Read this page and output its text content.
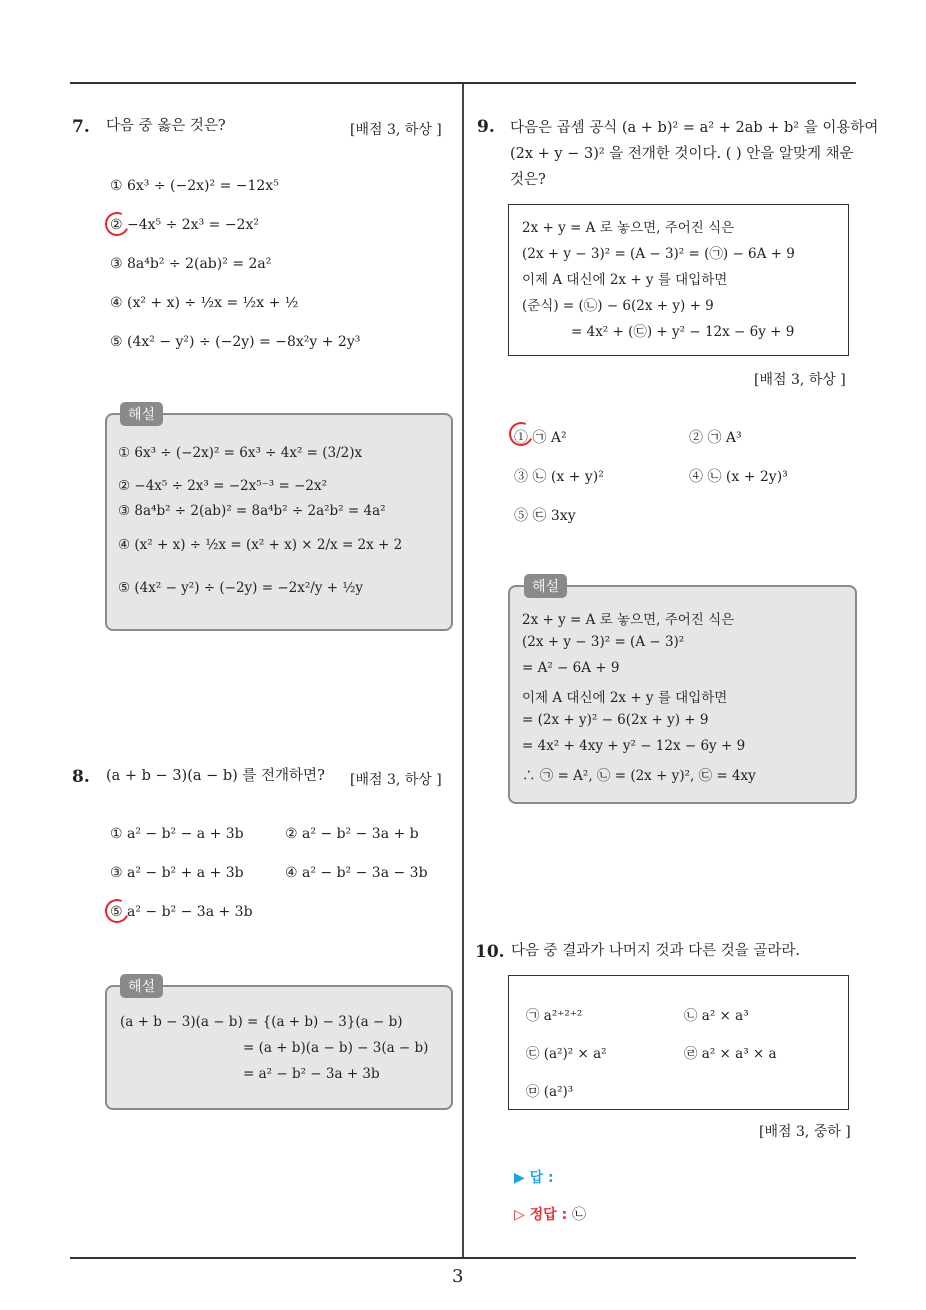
7. 다음 중 옳은 것은?	[배점 3, 하상 ]
① 6x³ ÷ (−2x)² = −12x⁵
② −4x⁵ ÷ 2x³ = −2x²
③ 8a⁴b² ÷ 2(ab)² = 2a²
④ (x² + x) ÷ ½x = ½x + ½
⑤ (4x² − y²) ÷ (−2y) = −8x²y + 2y³
해설
① 6x³ ÷ (−2x)² = 6x³ ÷ 4x² = (3/2)x
② −4x⁵ ÷ 2x³ = −2x⁵⁻³ = −2x²
③ 8a⁴b² ÷ 2(ab)² = 8a⁴b² ÷ 2a²b² = 4a²
④ (x² + x) ÷ ½x = (x² + x) × 2/x = 2x + 2
⑤ (4x² − y²) ÷ (−2y) = −2x²/y + ½y
8. (a + b − 3)(a − b) 를 전개하면? [배점 3, 하상 ]
① a² − b² − a + 3b	② a² − b² − 3a + b
③ a² − b² + a + 3b	④ a² − b² − 3a − 3b
⑤ a² − b² − 3a + 3b
해설
(a + b − 3)(a − b) = {(a + b) − 3}(a − b)
= (a + b)(a − b) − 3(a − b)
= a² − b² − 3a + 3b
9. 다음은 곱셈 공식 (a + b)² = a² + 2ab + b² 을 이용하여
(2x + y − 3)² 을 전개한 것이다. ( ) 안을 알맞게 채운
것은?
2x + y = A 로 놓으면, 주어진 식은
(2x + y − 3)² = (A − 3)² = (㉠) − 6A + 9
이제 A 대신에 2x + y 를 대입하면
(준식) = (㉡) − 6(2x + y) + 9
= 4x² + (㉢) + y² − 12x − 6y + 9
[배점 3, 하상 ]
① ㉠ A²	② ㉠ A³
③ ㉡ (x + y)²	④ ㉡ (x + 2y)³
⑤ ㉢ 3xy
해설
2x + y = A 로 놓으면, 주어진 식은
(2x + y − 3)² = (A − 3)²
= A² − 6A + 9
이제 A 대신에 2x + y 를 대입하면
= (2x + y)² − 6(2x + y) + 9
= 4x² + 4xy + y² − 12x − 6y + 9
∴ ㉠ = A², ㉡ = (2x + y)², ㉢ = 4xy
10. 다음 중 결과가 나머지 것과 다른 것을 골라라.
㉠ a²⁺²⁺²	㉡ a² × a³
㉢ (a²)² × a²	㉣ a² × a³ × a
㉤ (a²)³
[배점 3, 중하 ]
▶ 답 :
▷ 정답 : ㉡
3
